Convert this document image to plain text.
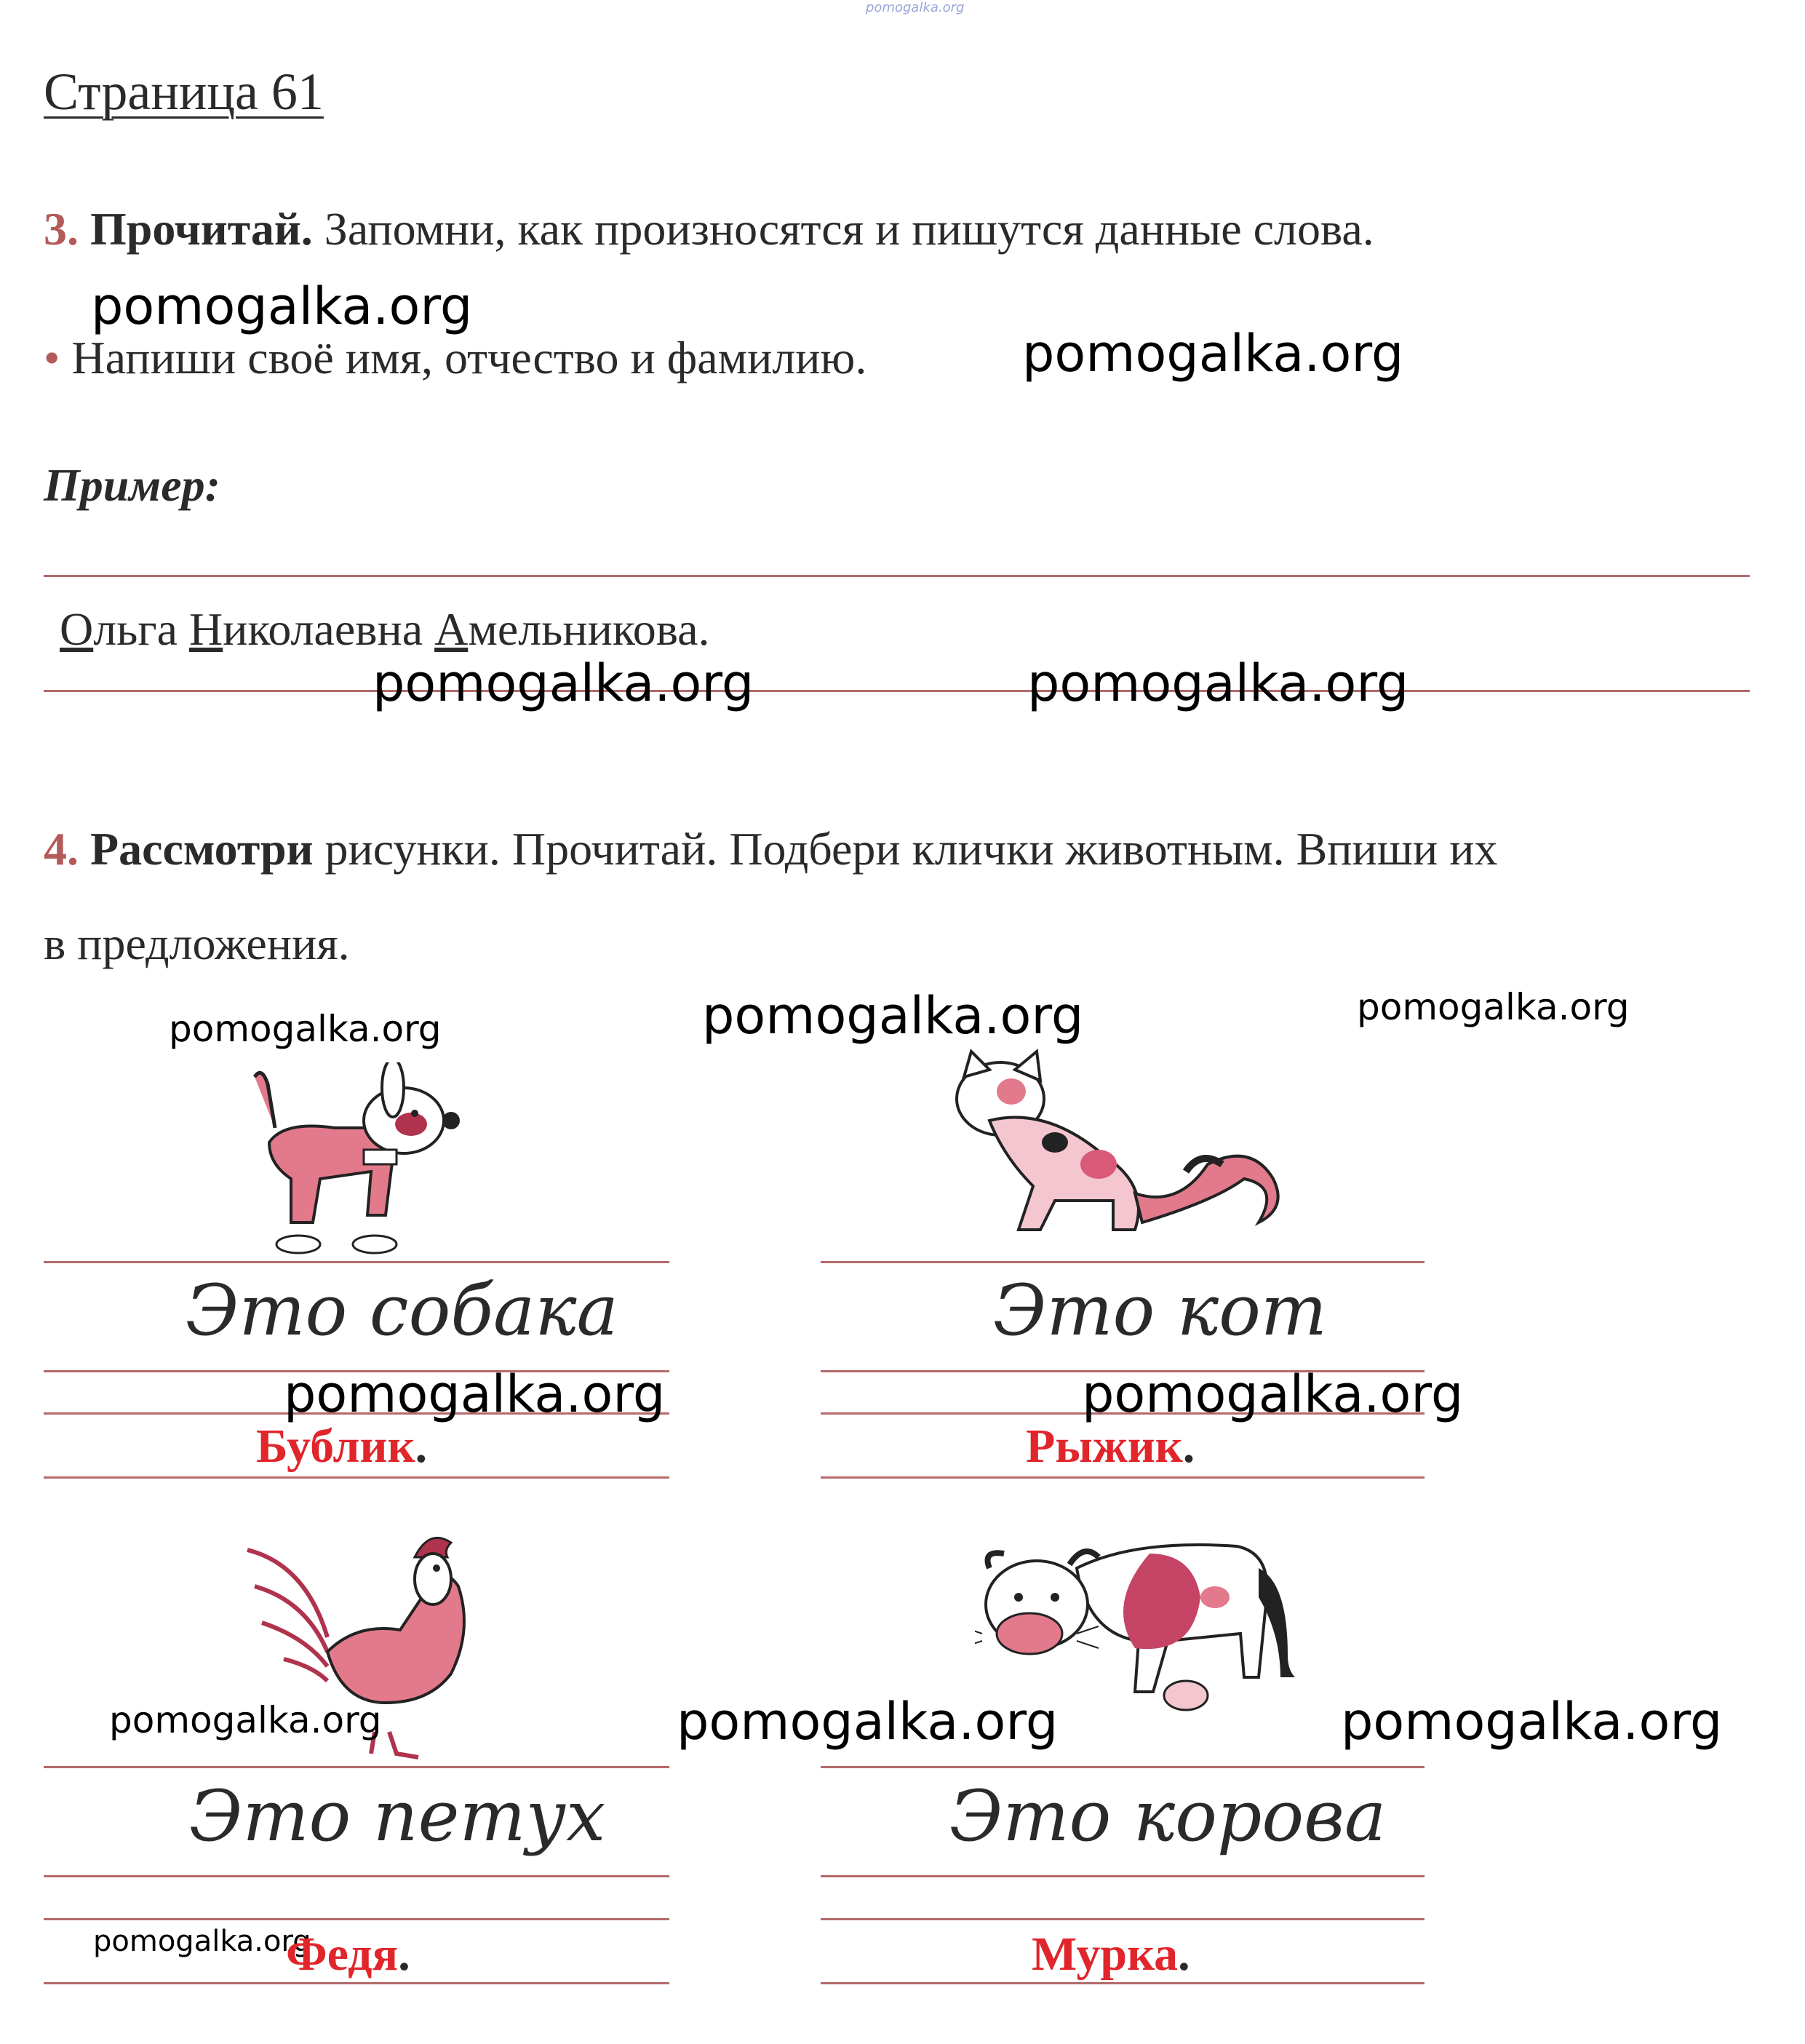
pomogalka.org
Страница 61
3. Прочитай. Запомни, как произносятся и пишутся данные слова.
pomogalka.org
• Напиши своё имя, отчество и фамилию.	pomogalka.org
Пример:
Ольга Николаевна Амельникова.
pomogalka.org	pomogalka.org
4. Рассмотри рисунки. Прочитай. Подбери клички животным. Впиши их
в предложения.
pomogalka.org	pomogalka.org	pomogalka.org
pomogalka.org	pomogalka.org	pomogalka.org
Это собака
pomogalka.org
Бублик.
Это кот
pomogalka.org
Рыжик.
Это петух
pomogalka.org
Федя.
Это корова
Мурка.
